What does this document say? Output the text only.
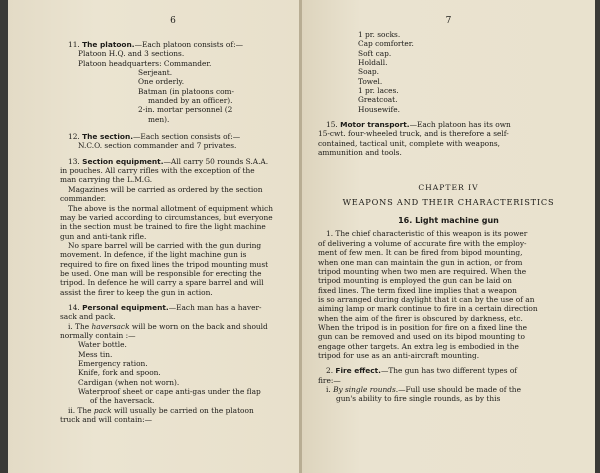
6
11. The platoon.—Each platoon consists of:—
Platoon H.Q. and 3 sections.
Platoon headquarters: Commander.
Serjeant.
One orderly.
Batman (in platoons com-
manded by an officer).
2-in. mortar personnel (2
men).
12. The section.—Each section consists of:—
N.C.O. section commander and 7 privates.
13. Section equipment.—All carry 50 rounds S.A.A.
in pouches. All carry rifles with the exception of the
man carrying the L.M.G.
Magazines will be carried as ordered by the section
commander.
The above is the normal allotment of equipment which
may be varied according to circumstances, but everyone
in the section must be trained to fire the light machine
gun and anti-tank rifle.
No spare barrel will be carried with the gun during
movement. In defence, if the light machine gun is
required to fire on fixed lines the tripod mounting must
be used. One man will be responsible for erecting the
tripod. In defence he will carry a spare barrel and will
assist the firer to keep the gun in action.
14. Personal equipment.—Each man has a haver-
sack and pack.
i. The haversack will be worn on the back and should
normally contain :—
Water bottle.
Mess tin.
Emergency ration.
Knife, fork and spoon.
Cardigan (when not worn).
Waterproof sheet or cape anti-gas under the flap
of the haversack.
ii. The pack will usually be carried on the platoon
truck and will contain:—
7
1 pr. socks.
Cap comforter.
Soft cap.
Holdall.
Soap.
Towel.
1 pr. laces.
Greatcoat.
Housewife.
15. Motor transport.—Each platoon has its own
15-cwt. four-wheeled truck, and is therefore a self-
contained, tactical unit, complete with weapons,
ammunition and tools.
CHAPTER IV
WEAPONS AND THEIR CHARACTERISTICS
16. Light machine gun
1. The chief characteristic of this weapon is its power
of delivering a volume of accurate fire with the employ-
ment of few men. It can be fired from bipod mounting,
when one man can maintain the gun in action, or from
tripod mounting when two men are required. When the
tripod mounting is employed the gun can be laid on
fixed lines. The term fixed line implies that a weapon
is so arranged during daylight that it can by the use of an
aiming lamp or mark continue to fire in a certain direction
when the aim of the firer is obscured by darkness, etc.
When the tripod is in position for fire on a fixed line the
gun can be removed and used on its bipod mounting to
engage other targets. An extra leg is embodied in the
tripod for use as an anti-aircraft mounting.
2. Fire effect.—The gun has two different types of
fire:—
i. By single rounds.—Full use should be made of the
gun's ability to fire single rounds, as by this
